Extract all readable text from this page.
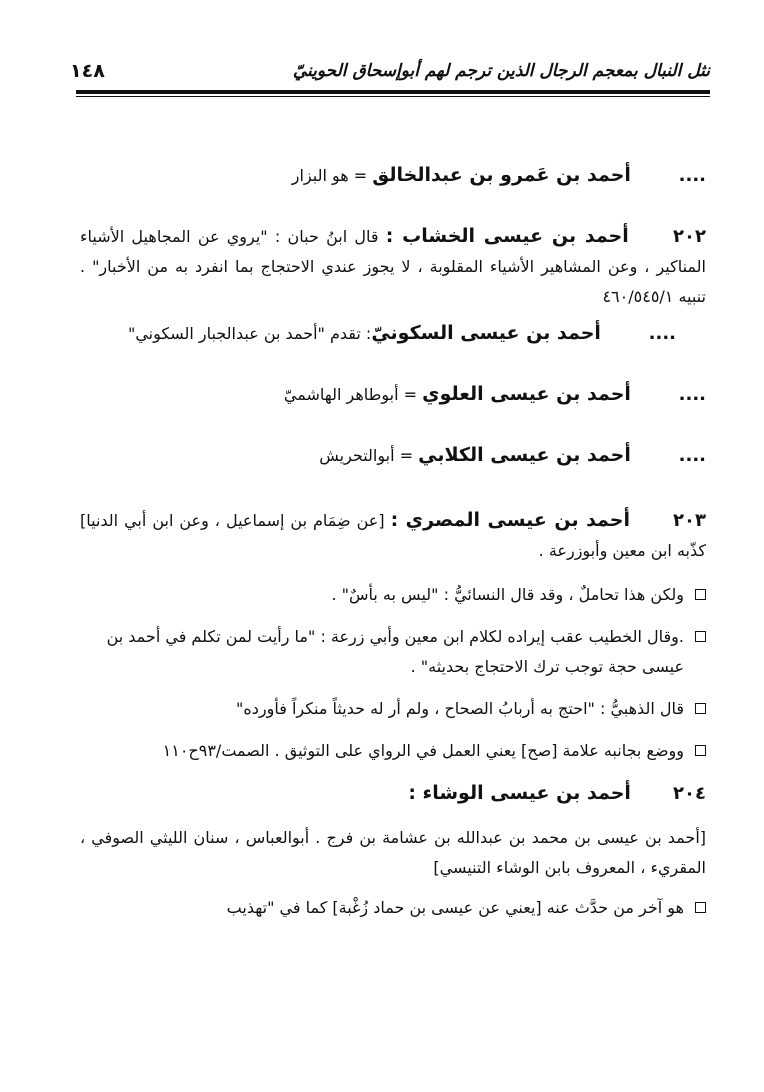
١٤٨	نثل النبال بمعجم الرجال الذين ترجم لهم أبوإسحاق الحوينيّ

.... أحمد بن عَمرو بن عبدالخالق = هو البزار

٢٠٢ أحمد بن عيسى الخشاب : قال ابنُ حبان : "يروي عن المجاهيل الأشياء المناكير ، وعن المشاهير الأشياء المقلوبة ، لا يجوز عندي الاحتجاج بما انفرد به من الأخبار" . تنبيه ٤٦٠/٥٤٥/١

.... أحمد بن عيسى السكونيّ: تقدم "أحمد بن عبدالجبار السكوني"

.... أحمد بن عيسى العلوي = أبوطاهر الهاشميّ

.... أحمد بن عيسى الكلابي = أبوالتحريش

٢٠٣ أحمد بن عيسى المصري : [عن ضِمَام بن إسماعيل ، وعن ابن أبي الدنيا] كذّبه ابن معين وأبوزرعة .

ولكن هذا تحاملٌ ، وقد قال النسائيُّ : "ليس به بأسٌ" .
.وقال الخطيب عقب إيراده لكلام ابن معين وأبي زرعة : "ما رأيت لمن تكلم في أحمد بن عيسى حجة توجب ترك الاحتجاج بحديثه" .
قال الذهبيُّ : "احتج به أربابُ الصحاح ، ولم أر له حديثاً منكراً فأورده"
ووضع بجانبه علامة [صح] يعني العمل في الرواي على التوثيق . الصمت/٩٣ح١١٠

٢٠٤ أحمد بن عيسى الوشاء :

[أحمد بن عيسى بن محمد بن عبدالله بن عشامة بن فرج . أبوالعباس ، سنان الليثي الصوفي ، المقريء ، المعروف بابن الوشاء التنيسي]

هو آخر من حدَّث عنه [يعني عن عيسى بن حماد زُغْبة] كما في "تهذيب
